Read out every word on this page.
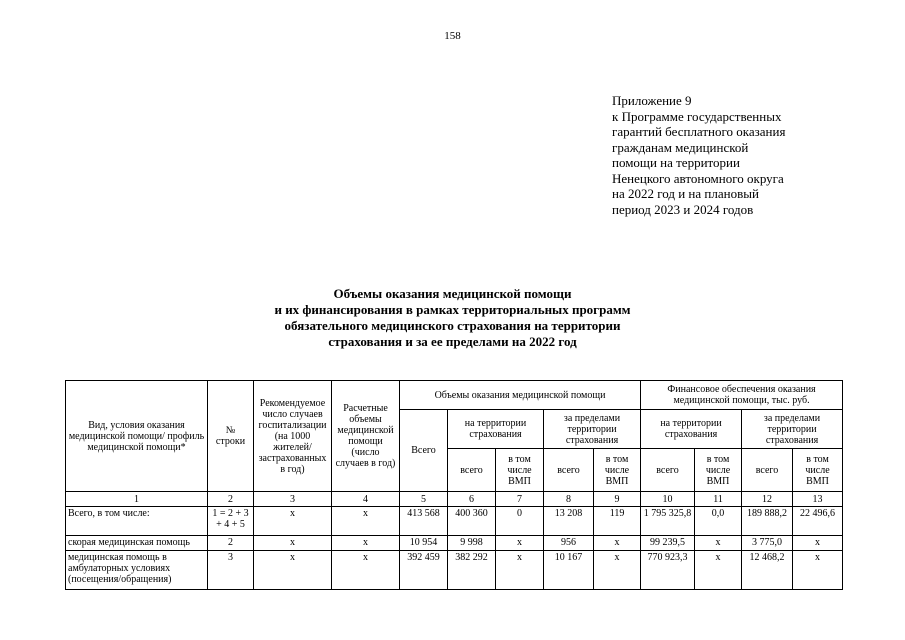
158
Приложение 9
к Программе государственных
гарантий бесплатного оказания
гражданам медицинской
помощи на территории
Ненецкого автономного округа
на 2022 год и на плановый
период 2023 и 2024 годов
Объемы оказания медицинской помощи
и их финансирования в рамках территориальных программ
обязательного медицинского страхования на территории
страхования и за ее пределами на 2022 год
Вид, условия оказания медицинской помощи/ профиль медицинской помощи*	№ строки	Рекомендуемое число случаев госпитализации (на 1000 жителей/ застрахованных в год)	Расчетные объемы медицинской помощи (число случаев в год)	Объемы оказания медицинской помощи					Финансовое обеспечения оказания медицинской помощи, тыс. руб.			
				Всего	на территории страхования		за пределами территории страхования		на территории страхования		за пределами территории страхования	
					всего	в том числе ВМП	всего	в том числе ВМП	всего	в том числе ВМП	всего	в том числе ВМП
1	2	3	4	5	6	7	8	9	10	11	12	13
Всего, в том числе:	1 = 2 + 3 + 4 + 5	х	х	413 568	400 360	0	13 208	119	1 795 325,8	0,0	189 888,2	22 496,6
скорая медицинская помощь	2	х	х	10 954	9 998	х	956	х	99 239,5	х	3 775,0	х
медицинская помощь в амбулаторных условиях (посещения/обращения)	3	х	х	392 459	382 292	х	10 167	х	770 923,3	х	12 468,2	х
